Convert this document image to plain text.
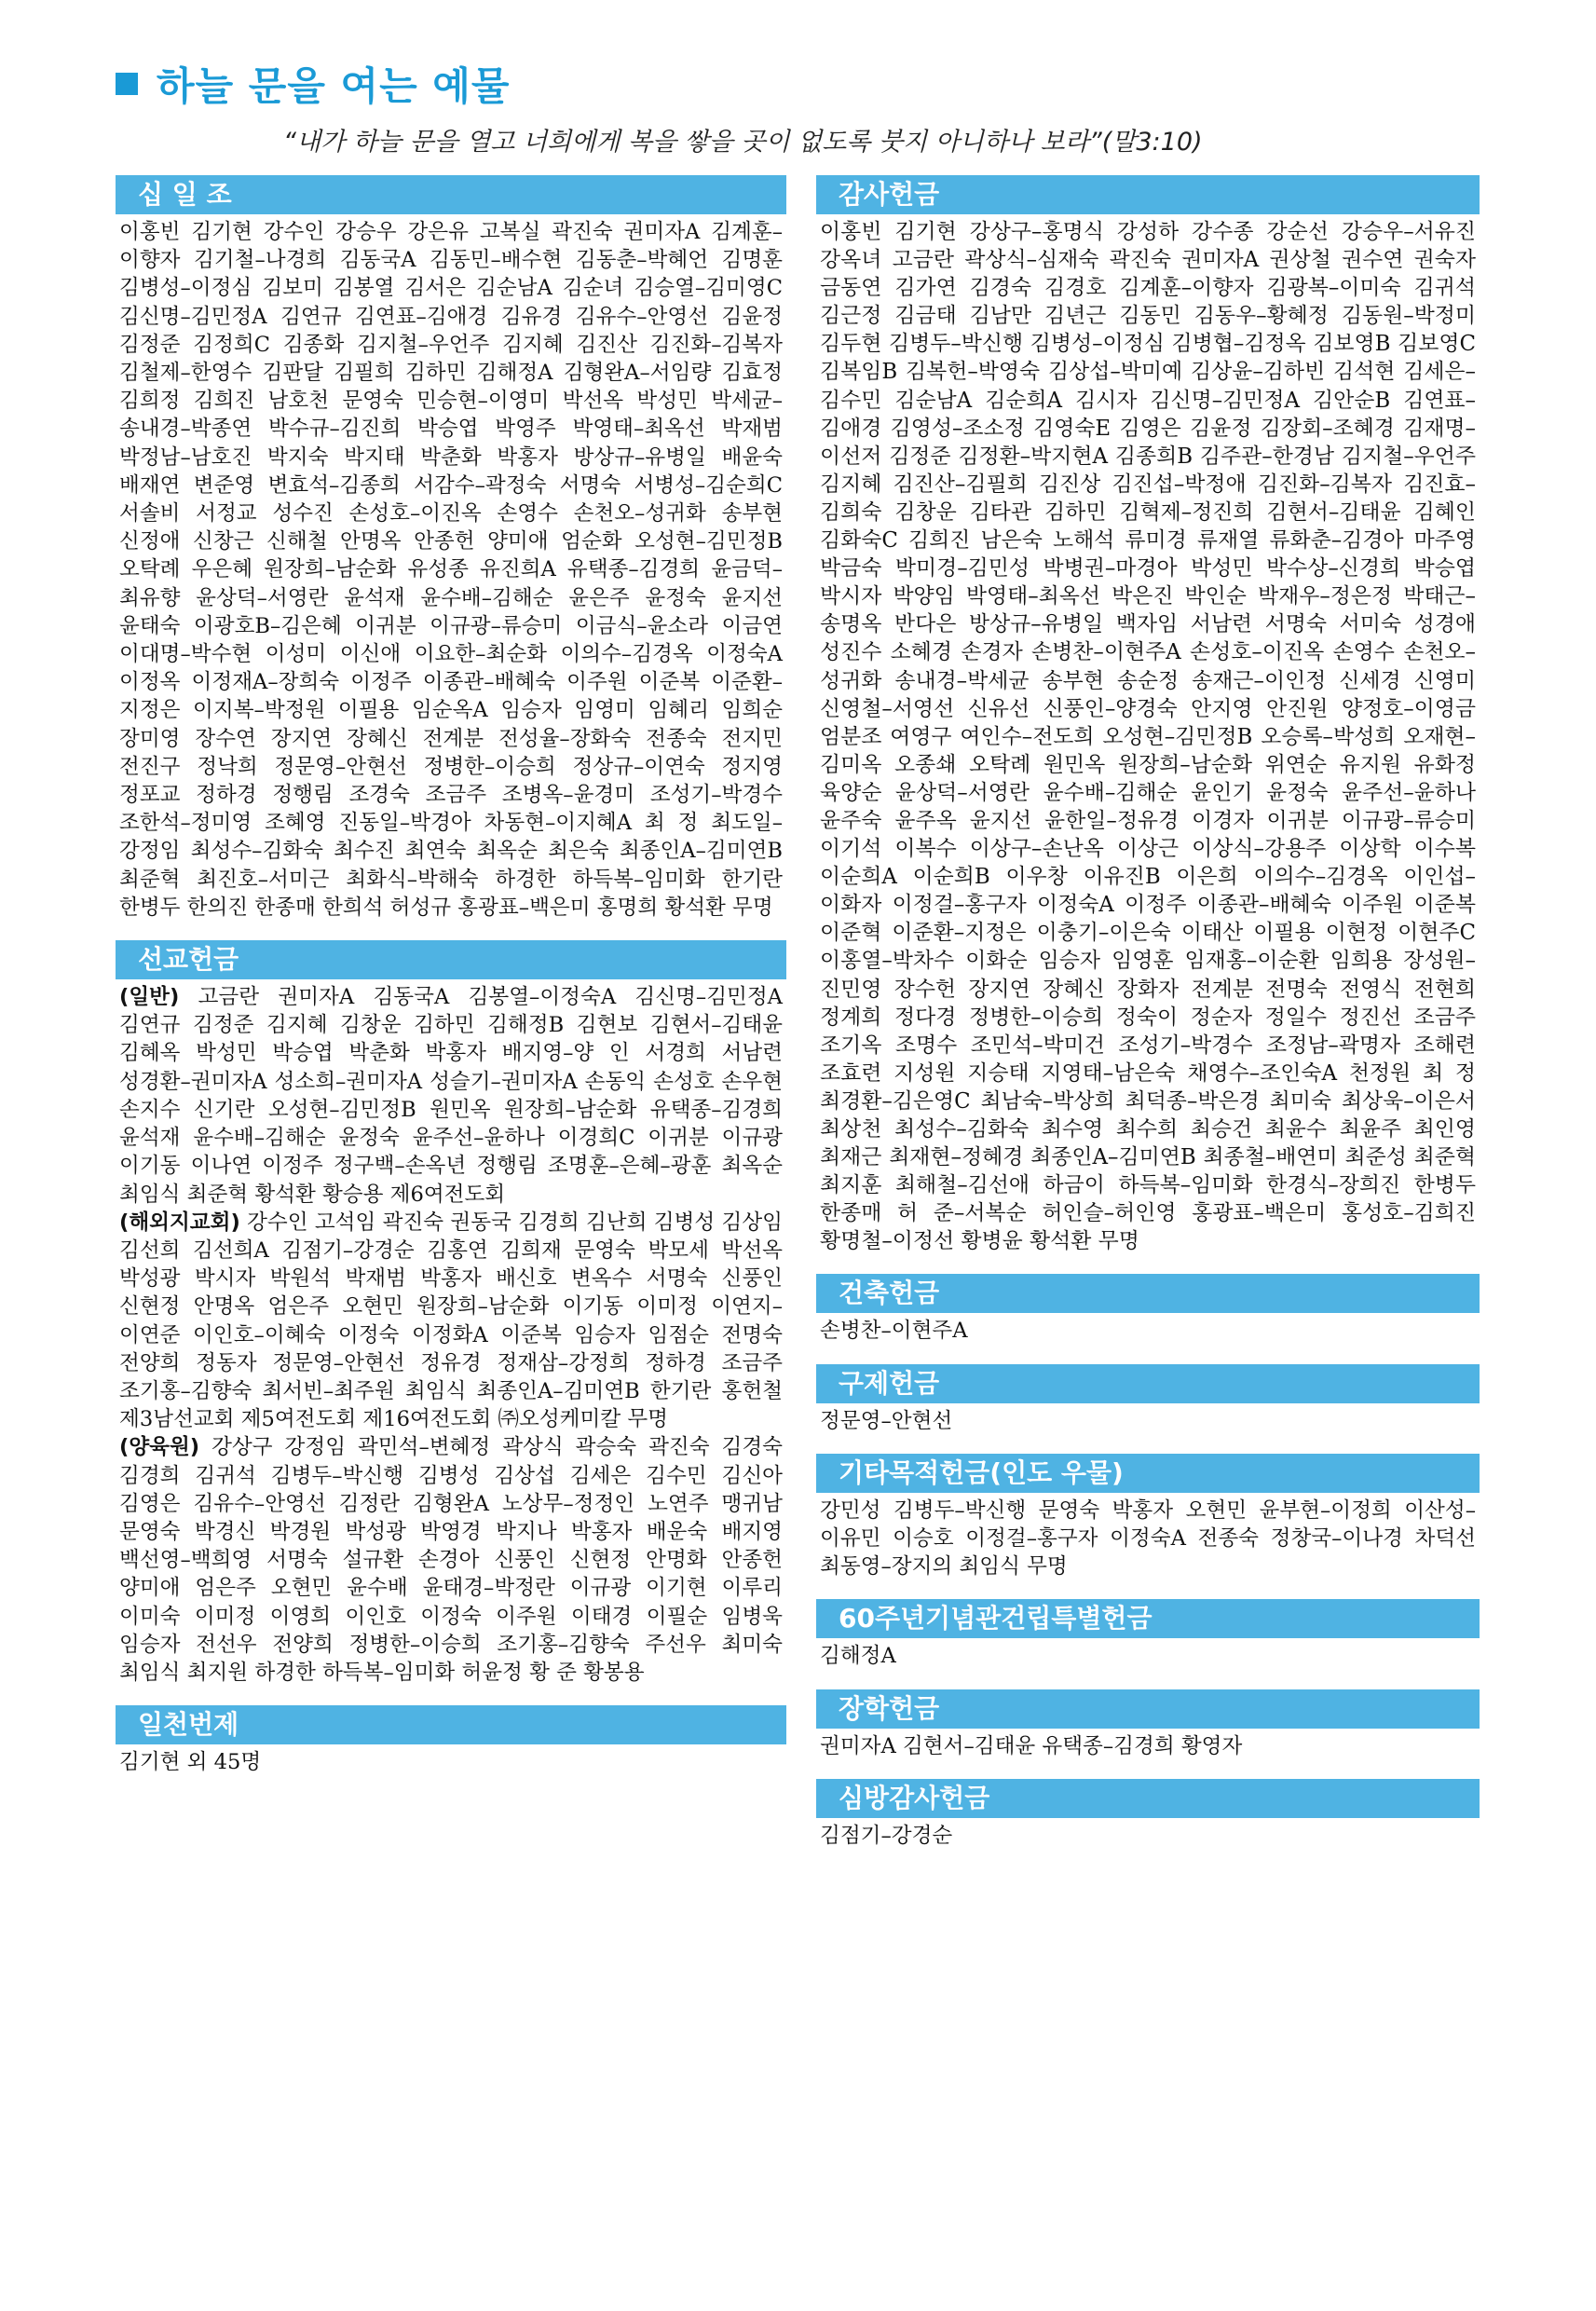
하늘 문을 여는 예물
“내가 하늘 문을 열고 너희에게 복을 쌓을 곳이 없도록 붓지 아니하나 보라”(말3:10)
십 일 조
이홍빈 김기현 강수인 강승우 강은유 고복실 곽진숙 권미자A 김계훈–이향자 김기철–나경희 김동국A 김동민–배수현 김동춘–박혜언 김명훈 김병성–이정심 김보미 김봉열 김서은 김순남A 김순녀 김승열–김미영C 김신명–김민정A 김연규 김연표–김애경 김유경 김유수–안영선 김윤정 김정준 김정희C 김종화 김지철–우언주 김지혜 김진산 김진화–김복자 김철제–한영수 김판달 김필희 김하민 김해정A 김형완A–서임량 김효정 김희정 김희진 남호천 문영숙 민승현–이영미 박선옥 박성민 박세균–송내경–박종연 박수규–김진희 박승엽 박영주 박영태–최옥선 박재범 박정남–남호진 박지숙 박지태 박춘화 박홍자 방상규–유병일 배윤숙 배재연 변준영 변효석–김종희 서감수–곽정숙 서명숙 서병성–김순희C 서솔비 서정교 성수진 손성호–이진옥 손영수 손천오–성귀화 송부현 신정애 신창근 신해철 안명옥 안종헌 양미애 엄순화 오성현–김민정B 오탁례 우은혜 원장희–남순화 유성종 유진희A 유택종–김경희 윤금덕–최유향 윤상덕–서영란 윤석재 윤수배–김해순 윤은주 윤정숙 윤지선 윤태숙 이광호B–김은혜 이귀분 이규광–류승미 이금식–윤소라 이금연 이대명–박수현 이성미 이신애 이요한–최순화 이의수–김경옥 이정숙A 이정옥 이정재A–장희숙 이정주 이종관–배혜숙 이주원 이준복 이준환–지정은 이지복–박정원 이필용 임순옥A 임승자 임영미 임혜리 임희순 장미영 장수연 장지연 장혜신 전계분 전성율–장화숙 전종숙 전지민 전진구 정낙희 정문영–안현선 정병한–이승희 정상규–이연숙 정지영 정포교 정하경 정행림 조경숙 조금주 조병옥–윤경미 조성기–박경수 조한석–정미영 조혜영 진동일–박경아 차동현–이지혜A 최 정 최도일–강정임 최성수–김화숙 최수진 최연숙 최옥순 최은숙 최종인A–김미연B 최준혁 최진호–서미근 최화식–박해숙 하경한 하득복–임미화 한기란 한병두 한의진 한종매 한희석 허성규 홍광표–백은미 홍명희 황석환 무명
선교헌금

(일반) 고금란 권미자A 김동국A 김봉열–이정숙A 김신명–김민정A 김연규 김정준 김지혜 김창운 김하민 김해정B 김현보 김현서–김태윤 김혜옥 박성민 박승엽 박춘화 박홍자 배지영–양 인 서경희 서남련 성경환–권미자A 성소희–권미자A 성슬기–권미자A 손동익 손성호 손우현 손지수 신기란 오성현–김민정B 원민옥 원장희–남순화 유택종–김경희 윤석재 윤수배–김해순 윤정숙 윤주선–윤하나 이경희C 이귀분 이규광 이기동 이나연 이정주 정구백–손옥년 정행림 조명훈–은혜–광훈 최옥순 최임식 최준혁 황석환 황승용 제6여전도회

(해외지교회) 강수인 고석임 곽진숙 권동국 김경희 김난희 김병성 김상임 김선희 김선희A 김점기–강경순 김홍연 김희재 문영숙 박모세 박선옥 박성광 박시자 박원석 박재범 박홍자 배신호 변옥수 서명숙 신풍인 신현정 안명옥 엄은주 오현민 원장희–남순화 이기동 이미정 이연지–이연준 이인호–이혜숙 이정숙 이정화A 이준복 임승자 임점순 전명숙 전양희 정동자 정문영–안현선 정유경 정재삼–강정희 정하경 조금주 조기홍–김향숙 최서빈–최주원 최임식 최종인A–김미연B 한기란 홍헌철 제3남선교회 제5여전도회 제16여전도회 ㈜오성케미칼 무명

(양육원) 강상구 강정임 곽민석–변혜정 곽상식 곽승숙 곽진숙 김경숙 김경희 김귀석 김병두–박신행 김병성 김상섭 김세은 김수민 김신아 김영은 김유수–안영선 김정란 김형완A 노상무–정정인 노연주 맹귀남 문영숙 박경신 박경원 박성광 박영경 박지나 박홍자 배운숙 배지영 백선영–백희영 서명숙 설규환 손경아 신풍인 신현정 안명화 안종헌 양미애 엄은주 오현민 윤수배 윤태경–박정란 이규광 이기현 이루리 이미숙 이미정 이영희 이인호 이정숙 이주원 이태경 이필순 임병욱 임승자 전선우 전양희 정병한–이승희 조기홍–김향숙 주선우 최미숙 최임식 최지원 하경한 하득복–임미화 허윤정 황 준 황봉용

일천번제
김기현 외 45명
감사헌금
이홍빈 김기현 강상구–홍명식 강성하 강수종 강순선 강승우–서유진 강옥녀 고금란 곽상식–심재숙 곽진숙 권미자A 권상철 권수연 권숙자 금동연 김가연 김경숙 김경호 김계훈–이향자 김광복–이미숙 김귀석 김근정 김금태 김남만 김년근 김동민 김동우–황혜정 김동원–박정미 김두현 김병두–박신행 김병성–이정심 김병협–김정옥 김보영B 김보영C 김복임B 김복헌–박영숙 김상섭–박미예 김상윤–김하빈 김석현 김세은–김수민 김순남A 김순희A 김시자 김신명–김민정A 김안순B 김연표–김애경 김영성–조소정 김영숙E 김영은 김윤정 김장회–조혜경 김재명–이선저 김정준 김정환–박지현A 김종희B 김주관–한경남 김지철–우언주 김지혜 김진산–김필희 김진상 김진섭–박정애 김진화–김복자 김진효–김희숙 김창운 김타관 김하민 김혁제–정진희 김현서–김태윤 김혜인 김화숙C 김희진 남은숙 노해석 류미경 류재열 류화춘–김경아 마주영 박금숙 박미경–김민성 박병권–마경아 박성민 박수상–신경희 박승엽 박시자 박양임 박영태–최옥선 박은진 박인순 박재우–정은정 박태근–송명옥 반다은 방상규–유병일 백자임 서남련 서명숙 서미숙 성경애 성진수 소혜경 손경자 손병찬–이현주A 손성호–이진옥 손영수 손천오–성귀화 송내경–박세균 송부현 송순정 송재근–이인정 신세경 신영미 신영철–서영선 신유선 신풍인–양경숙 안지영 안진원 양정호–이영금 엄분조 여영구 여인수–전도희 오성현–김민정B 오승록–박성희 오재현–김미옥 오종쇄 오탁례 원민옥 원장희–남순화 위연순 유지원 유화정 육양순 윤상덕–서영란 윤수배–김해순 윤인기 윤정숙 윤주선–윤하나 윤주숙 윤주옥 윤지선 윤한일–정유경 이경자 이귀분 이규광–류승미 이기석 이복수 이상구–손난옥 이상근 이상식–강용주 이상학 이수복 이순희A 이순희B 이우창 이유진B 이은희 이의수–김경옥 이인섭–이화자 이정걸–홍구자 이정숙A 이정주 이종관–배혜숙 이주원 이준복 이준혁 이준환–지정은 이충기–이은숙 이태산 이필용 이현정 이현주C 이홍열–박차수 이화순 임승자 임영훈 임재홍–이순환 임희용 장성원–진민영 장수헌 장지연 장혜신 장화자 전계분 전명숙 전영식 전현희 정계희 정다경 정병한–이승희 정숙이 정순자 정일수 정진선 조금주 조기옥 조명수 조민석–박미건 조성기–박경수 조정남–곽명자 조해련 조효련 지성원 지승태 지영태–남은숙 채영수–조인숙A 천정원 최 정 최경환–김은영C 최남숙–박상희 최덕종–박은경 최미숙 최상욱–이은서 최상천 최성수–김화숙 최수영 최수희 최승건 최윤수 최윤주 최인영 최재근 최재현–정혜경 최종인A–김미연B 최종철–배연미 최준성 최준혁 최지훈 최해철–김선애 하금이 하득복–임미화 한경식–장희진 한병두 한종매 허 준–서복순 허인슬–허인영 홍광표–백은미 홍성호–김희진 황명철–이정선 황병윤 황석환 무명
건축헌금
손병찬–이현주A
구제헌금
정문영–안현선
기타목적헌금(인도 우물)
강민성 김병두–박신행 문영숙 박홍자 오현민 윤부현–이정희 이산성–이유민 이승호 이정걸–홍구자 이정숙A 전종숙 정창국–이나경 차덕선 최동영–장지의 최임식 무명
60주년기념관건립특별헌금
김해정A
장학헌금
권미자A 김현서–김태윤 유택종–김경희 황영자
심방감사헌금
김점기–강경순
